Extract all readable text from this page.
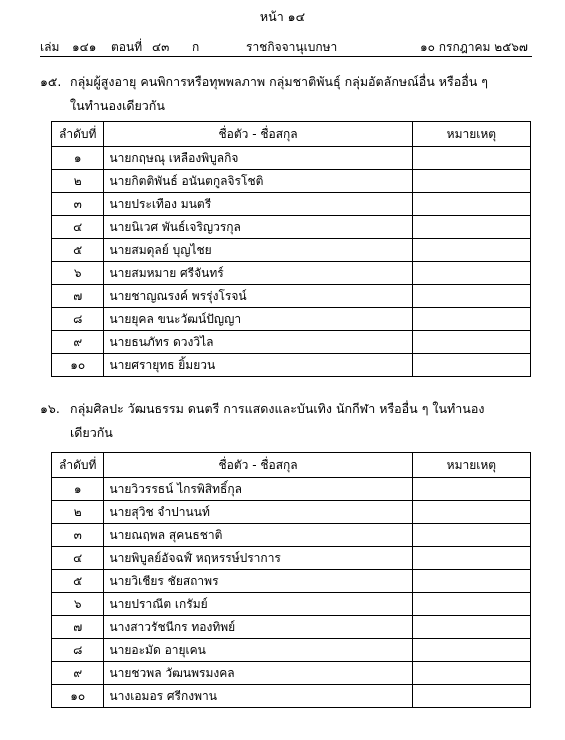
หน้า ๑๔
เล่ม ๑๔๑ ตอนที่ ๔๓ ก	ราชกิจจานุเบกษา	๑๐ กรกฎาคม ๒๕๖๗
๑๕. กลุ่มผู้สูงอายุ คนพิการหรือทุพพลภาพ กลุ่มชาติพันธุ์ กลุ่มอัตลักษณ์อื่น หรืออื่น ๆ
ในทำนองเดียวกัน
ลำดับที่	ชื่อตัว - ชื่อสกุล	หมายเหตุ
๑	นายกฤษณุ เหลืองพิบูลกิจ	
๒	นายกิตติพันธ์ อนันตกูลจิรโชติ	
๓	นายประเทือง มนตรี	
๔	นายนิเวศ พันธ์เจริญวรกุล	
๕	นายสมดุลย์ บุญไชย	
๖	นายสมหมาย ศรีจันทร์	
๗	นายชาญณรงค์ พรรุ่งโรจน์	
๘	นายยุคล ขนะวัฒน์ปัญญา	
๙	นายธนภัทร ดวงวิไล	
๑๐	นายศรายุทธ ยิ้มยวน	
๑๖. กลุ่มศิลปะ วัฒนธรรม ดนตรี การแสดงและบันเทิง นักกีฬา หรืออื่น ๆ ในทำนอง
เดียวกัน
ลำดับที่	ชื่อตัว - ชื่อสกุล	หมายเหตุ
๑	นายวิวรรธน์ ไกรพิสิทธิ์กุล	
๒	นายสุวิช จำปานนท์	
๓	นายณฤพล สุคนธชาติ	
๔	นายพิบูลย์อัจฉฬ์ หฤหรรษ์ปราการ	
๕	นายวิเชียร ชัยสถาพร	
๖	นายปราณีต เกรัมย์	
๗	นางสาวรัชนีกร ทองทิพย์	
๘	นายอะมัด อายุเคน	
๙	นายชวพล วัฒนพรมงคล	
๑๐	นางเอมอร ศรีกงพาน	
